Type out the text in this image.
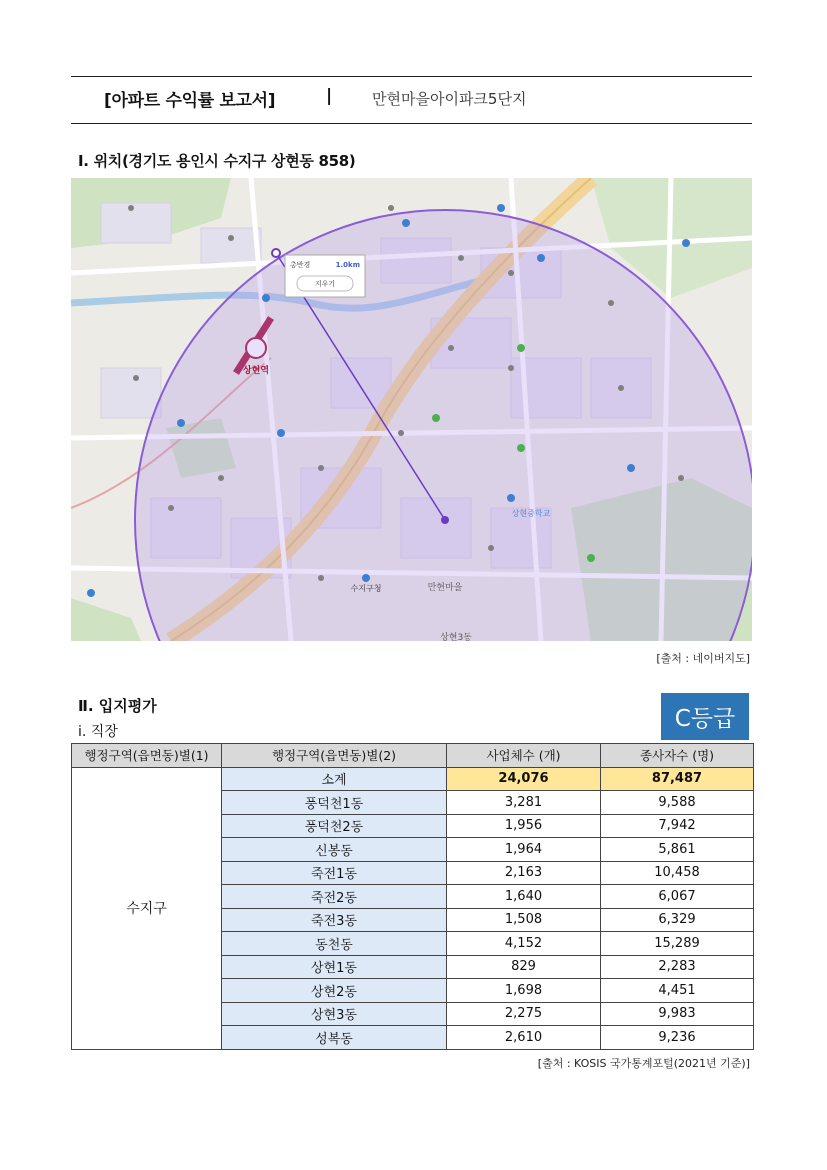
[아파트 수익률 보고서]	|	만현마을아이파크5단지
Ⅰ. 위치(경기도 용인시 수지구 상현동 858)
상현역
만현마을
상현3동
수지구청
상현중학교
총반경	1.0km
지우기
[출처 : 네이버지도]
Ⅱ. 입지평가
ⅰ. 직장	C등급
행정구역(읍면동)별(1)	행정구역(읍면동)별(2)	사업체수 (개)	종사자수 (명)
수지구	소계	24,076	87,487
	풍덕천1동	3,281	9,588
	풍덕천2동	1,956	7,942
	신봉동	1,964	5,861
	죽전1동	2,163	10,458
	죽전2동	1,640	6,067
	죽전3동	1,508	6,329
	동천동	4,152	15,289
	상현1동	829	2,283
	상현2동	1,698	4,451
	상현3동	2,275	9,983
	성복동	2,610	9,236
[출처 : KOSIS 국가통계포털(2021년 기준)]
